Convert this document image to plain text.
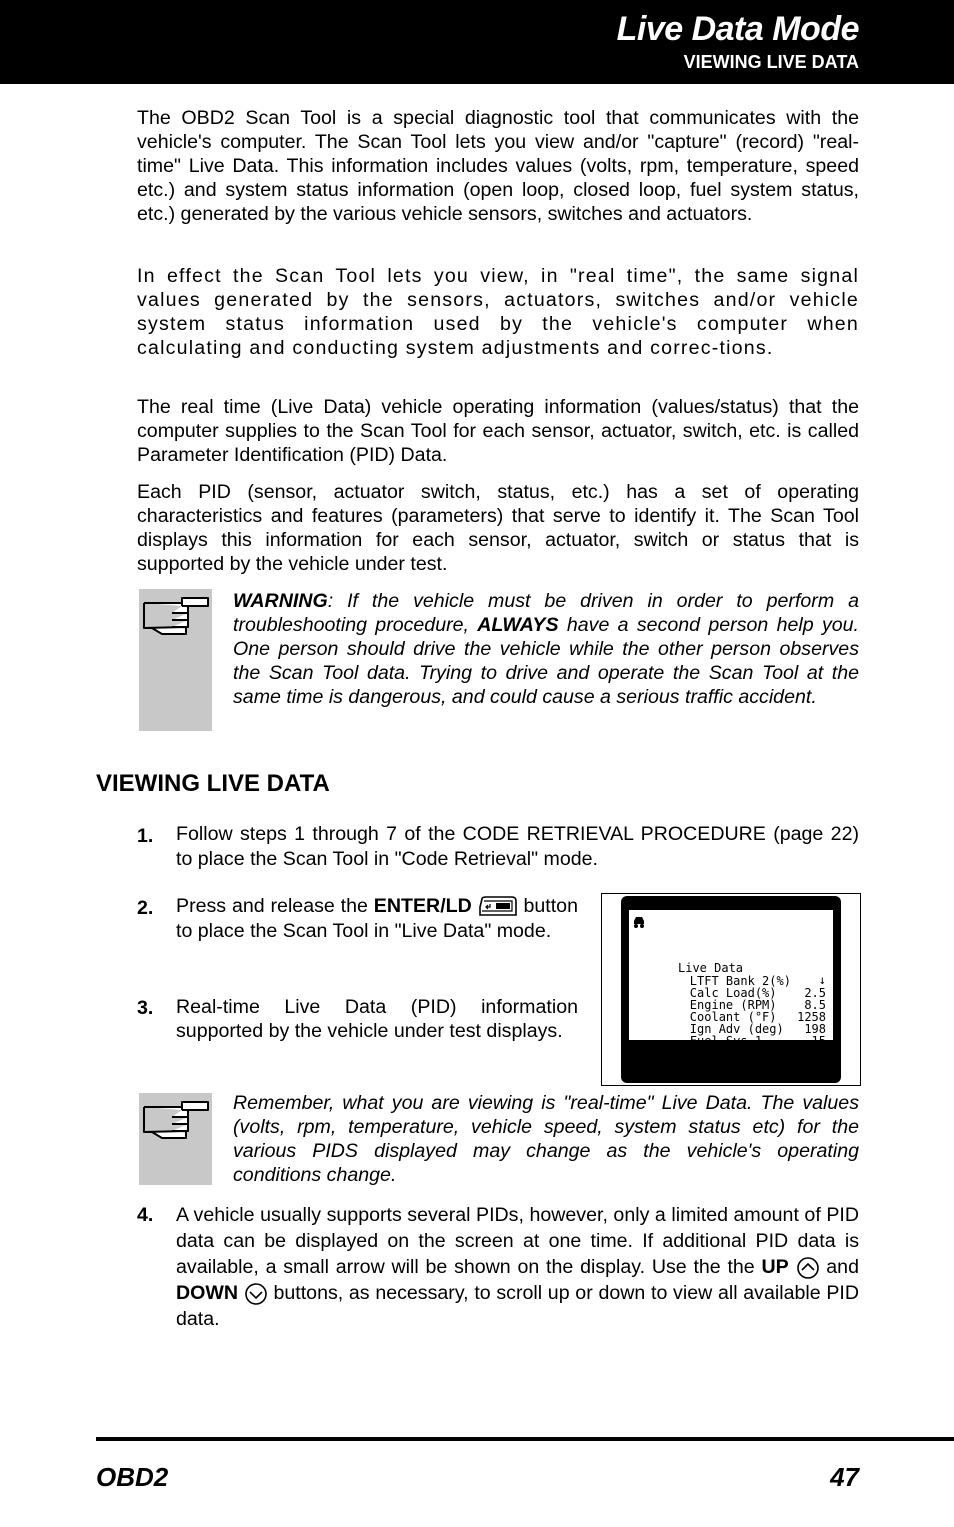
Live Data Mode
VIEWING LIVE DATA

The OBD2 Scan Tool is a special diagnostic tool that communicates with the vehicle's computer. The Scan Tool lets you view and/or "capture" (record) "real-time" Live Data. This information includes values (volts, rpm, temperature, speed etc.) and system status information (open loop, closed loop, fuel system status, etc.) generated by the various vehicle sensors, switches and actuators.

In effect the Scan Tool lets you view, in "real time", the same signal values generated by the sensors, actuators, switches and/or vehicle system status information used by the vehicle's computer when calculating and conducting system adjustments and correc-tions.

The real time (Live Data) vehicle operating information (values/status) that the computer supplies to the Scan Tool for each sensor, actuator, switch, etc. is called Parameter Identification (PID) Data.

Each PID (sensor, actuator switch, status, etc.) has a set of operating characteristics and features (parameters) that serve to identify it. The Scan Tool displays this information for each sensor, actuator, switch or status that is supported by the vehicle under test.

WARNING: If the vehicle must be driven in order to perform a troubleshooting procedure, ALWAYS have a second person help you. One person should drive the vehicle while the other person observes the Scan Tool data. Trying to drive and operate the Scan Tool at the same time is dangerous, and could cause a serious traffic accident.

VIEWING LIVE DATA
1. Follow steps 1 through 7 of the CODE RETRIEVAL PROCEDURE (page 22) to place the Scan Tool in "Code Retrieval" mode.

2. Press and release the ENTER/LD	button to place the Scan Tool in "Live Data" mode.

3. Real-time Live Data (PID) information supported by the vehicle under test displays.

Live Data

↓

LTFT Bank 2(%)

2.5

Calc Load(%)

8.5

Engine (RPM)

1258

Coolant (°F)

198

Ign Adv (deg)

15

Fuel Sys 1

CL

Remember, what you are viewing is "real-time" Live Data. The values (volts, rpm, temperature, vehicle speed, system status etc) for the various PIDS displayed may change as the vehicle's operating conditions change.

4. A vehicle usually supports several PIDs, however, only a limited amount of PID data can be displayed on the screen at one time. If additional PID data is available, a small arrow will be shown on the display. Use the the UP  and DOWN  buttons, as necessary, to scroll up or down to view all available PID data.

OBD2	47
